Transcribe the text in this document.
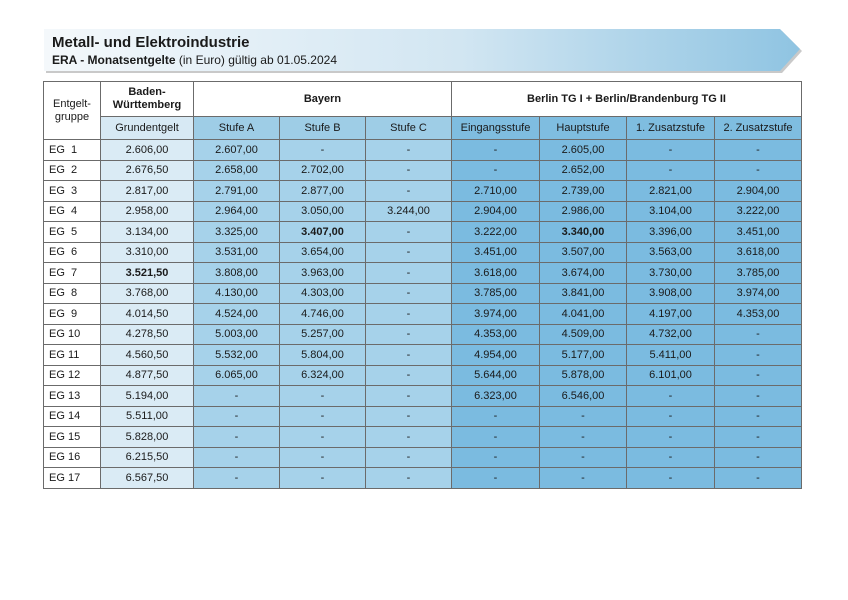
Metall- und Elektroindustrie
ERA - Monatsentgelte (in Euro) gültig ab 01.05.2024
Entgelt-
gruppe	Baden-
Württemberg	Bayern			Berlin TG I + Berlin/Brandenburg TG II			
	Grundentgelt	Stufe A	Stufe B	Stufe C	Eingangsstufe	Hauptstufe	1. Zusatzstufe	2. Zusatzstufe
EG  1	2.606,00	2.607,00	-	-	-	2.605,00	-	-
EG  2	2.676,50	2.658,00	2.702,00	-	-	2.652,00	-	-
EG  3	2.817,00	2.791,00	2.877,00	-	2.710,00	2.739,00	2.821,00	2.904,00
EG  4	2.958,00	2.964,00	3.050,00	3.244,00	2.904,00	2.986,00	3.104,00	3.222,00
EG  5	3.134,00	3.325,00	3.407,00	-	3.222,00	3.340,00	3.396,00	3.451,00
EG  6	3.310,00	3.531,00	3.654,00	-	3.451,00	3.507,00	3.563,00	3.618,00
EG  7	3.521,50	3.808,00	3.963,00	-	3.618,00	3.674,00	3.730,00	3.785,00
EG  8	3.768,00	4.130,00	4.303,00	-	3.785,00	3.841,00	3.908,00	3.974,00
EG  9	4.014,50	4.524,00	4.746,00	-	3.974,00	4.041,00	4.197,00	4.353,00
EG 10	4.278,50	5.003,00	5.257,00	-	4.353,00	4.509,00	4.732,00	-
EG 11	4.560,50	5.532,00	5.804,00	-	4.954,00	5.177,00	5.411,00	-
EG 12	4.877,50	6.065,00	6.324,00	-	5.644,00	5.878,00	6.101,00	-
EG 13	5.194,00	-	-	-	6.323,00	6.546,00	-	-
EG 14	5.511,00	-	-	-	-	-	-	-
EG 15	5.828,00	-	-	-	-	-	-	-
EG 16	6.215,50	-	-	-	-	-	-	-
EG 17	6.567,50	-	-	-	-	-	-	-
